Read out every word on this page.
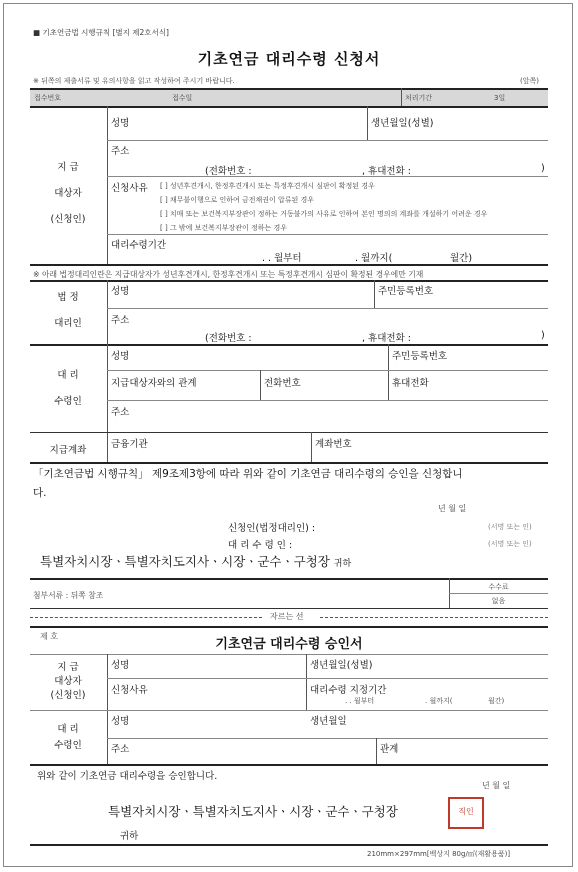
■ 기초연금법 시행규칙 [별지 제2호서식]
기초연금 대리수령 신청서
※ 뒤쪽의 제출서류 및 유의사항을 읽고 작성하여 주시기 바랍니다.	(앞쪽)
접수번호	접수일	처리기간	3일
지 급
대상자
(신청인)
성명	생년월일(성별)
주소
(전화번호 :	, 휴대전화 :	)
신청사유 [ ] 성년후견개시, 한정후견개시 또는 특정후견개시 심판이 확정된 경우
[ ] 채무불이행으로 인하여 금전채권이 압류된 경우
[ ] 치매 또는 보건복지부장관이 정하는 거동불가의 사유로 인하여 본인 명의의 계좌를 개설하기 어려운 경우
[ ] 그 밖에 보건복지부장관이 정하는 경우
대리수령기간
. . 월부터	. 월까지(	월간)
※ 아래 법정대리인란은 지급대상자가 성년후견개시, 한정후견개시 또는 특정후견개시 심판이 확정된 경우에만 기재
법 정
대리인
성명	주민등록번호
주소
(전화번호 :	, 휴대전화 :	)
대 리
수령인
성명	주민등록번호
지급대상자와의 관계	전화번호	휴대전화
주소
지급계좌
금융기관	계좌번호
「기초연금법 시행규칙」 제9조제3항에 따라 위와 같이 기초연금 대리수령의 승인을 신청합니
다.
년 월 일
신청인(법정대리인) :	(서명 또는 인)
대 리 수 령 인 :	(서명 또는 인)
특별자치시장ㆍ특별자치도지사ㆍ시장ㆍ군수ㆍ구청장 귀하
첨부서류 : 뒤쪽 참조
수수료
없음
자르는 선
제 호
기초연금 대리수령 승인서
지 급
대상자
(신청인)
성명	생년월일(성별)
신청사유	대리수령 지정기간
. . 월부터	. 월까지(	월간)
대 리
수령인
성명	생년월일
주소	관계
위와 같이 기초연금 대리수령을 승인합니다.
년 월 일
특별자치시장ㆍ특별자치도지사ㆍ시장ㆍ군수ㆍ구청장	직인
귀하
210mm×297mm[백상지 80g/㎡(재활용품)]
